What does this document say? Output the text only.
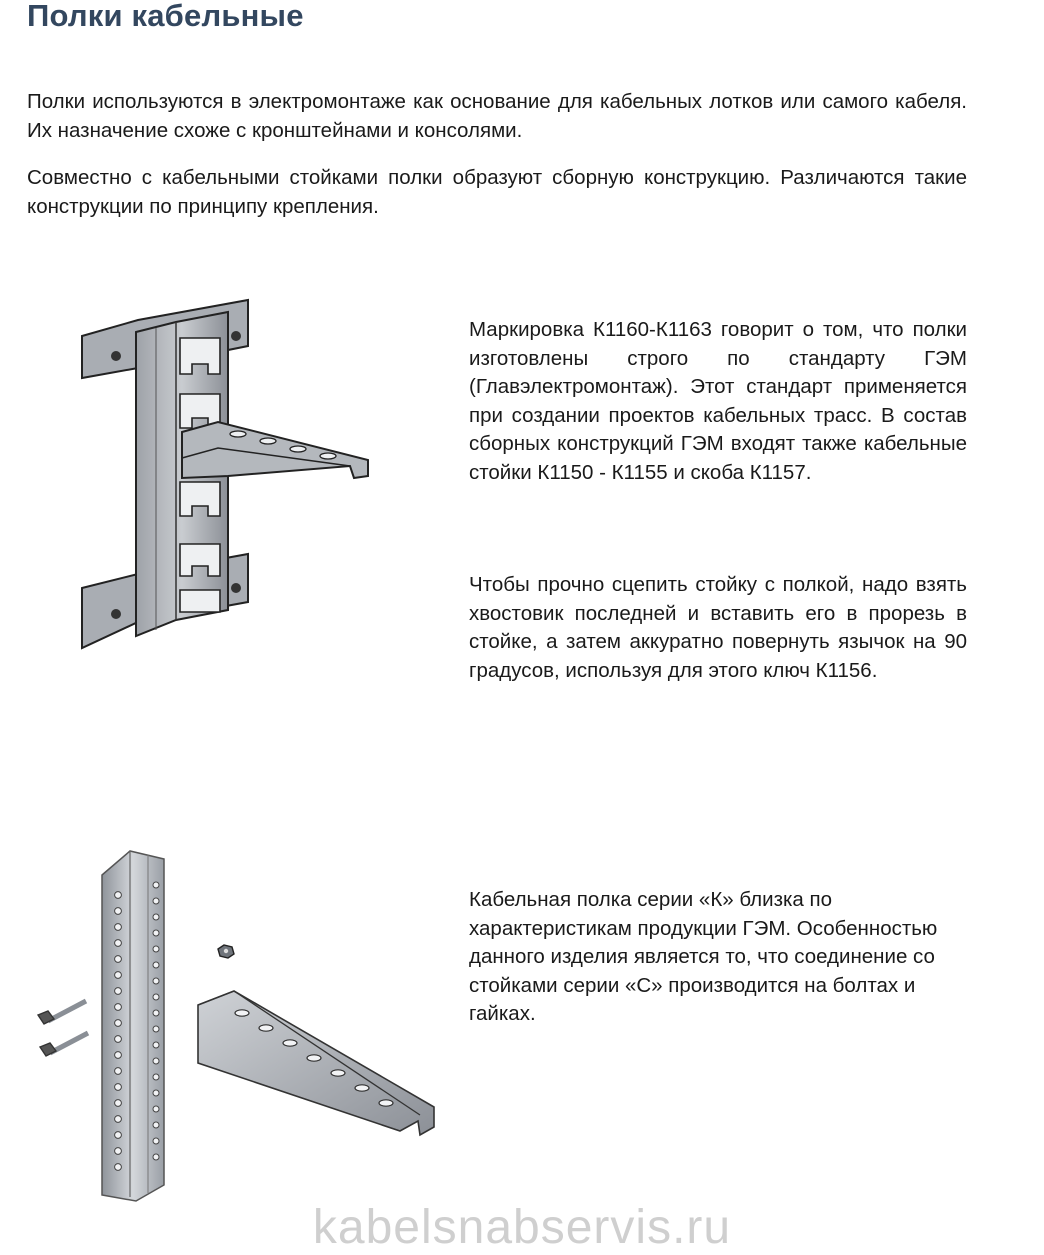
Полки кабельные

Полки используются в электромонтаже как основание для кабельных лотков или самого кабеля. Их назначение схоже с кронштейнами и консолями.

Совместно с кабельными стойками полки образуют сборную конструкцию. Различаются такие конструкции по принципу крепления.

Маркировка К1160-К1163 говорит о том, что полки изготовлены строго по стандарту ГЭМ (Главэлектромонтаж). Этот стандарт применяется при создании проектов кабельных трасс. В состав сборных конструкций ГЭМ входят также кабельные стойки К1150 - К1155 и скоба К1157.

Чтобы прочно сцепить стойку с полкой, надо взять хвостовик последней и вставить его в прорезь в стойке, а затем аккуратно повернуть язычок на 90 градусов, используя для этого ключ К1156.

Кабельная полка серии «К» близка по характеристикам продукции ГЭМ. Особенностью данного изделия является то, что соединение со стойками серии «С» производится на болтах и гайках.

kabelsnabservis.ru
